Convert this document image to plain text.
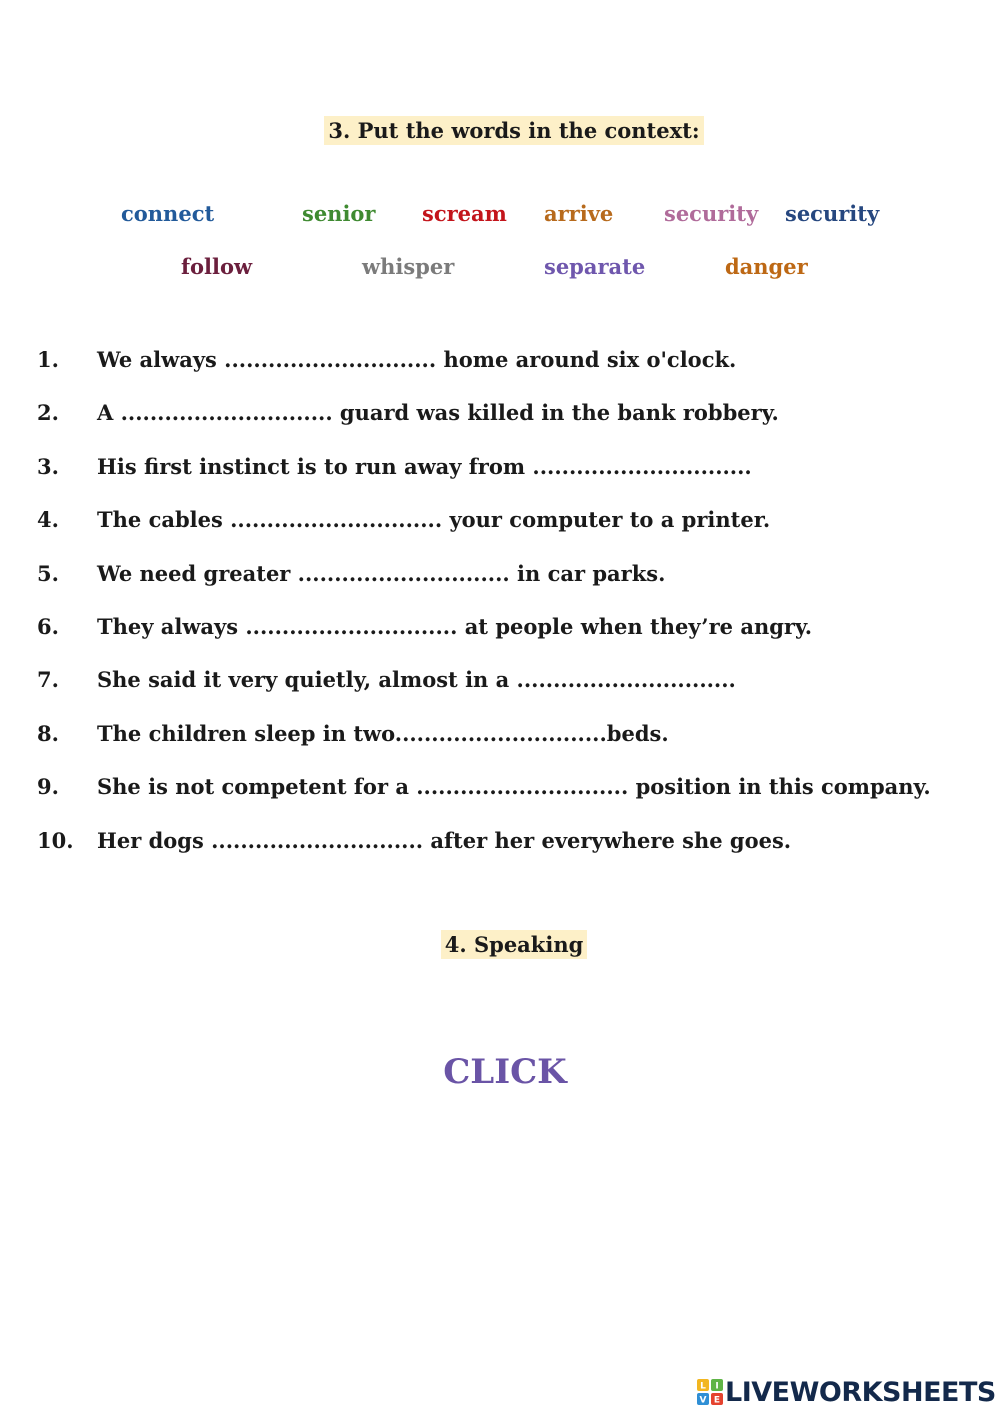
3. Put the words in the context:
connect	senior scream arrive security security
follow	whisper	separate	danger
1. We always ............................. home around six o'clock.
2. A ............................. guard was killed in the bank robbery.
3. His first instinct is to run away from ..............................
4. The cables ............................. your computer to a printer.
5. We need greater ............................. in car parks.
6. They always ............................. at people when they’re angry.
7. She said it very quietly, almost in a ..............................
8. The children sleep in two.............................beds.
9. She is not competent for a ............................. position in this company.
10. Her dogs ............................. after her everywhere she goes.
4. Speaking
CLICK
L I
V E LIVEWORKSHEETS
